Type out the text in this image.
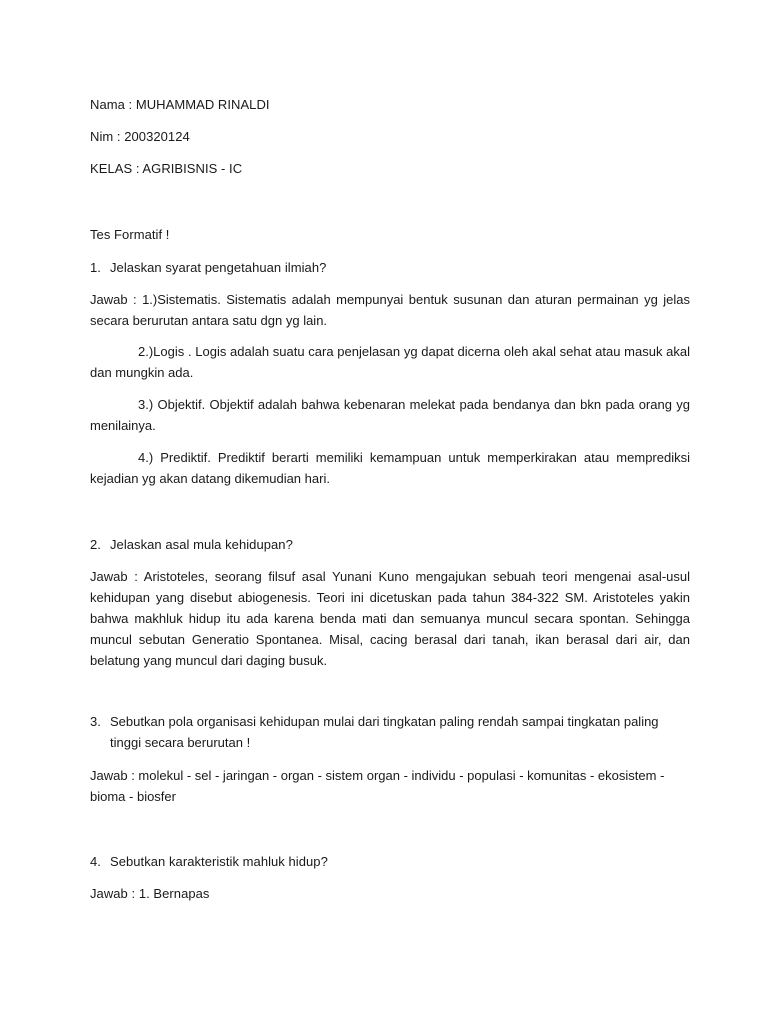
Nama : MUHAMMAD RINALDI
Nim : 200320124
KELAS : AGRIBISNIS - IC
Tes Formatif !
1. Jelaskan syarat pengetahuan ilmiah?
Jawab : 1.)Sistematis. Sistematis adalah mempunyai bentuk susunan dan aturan permainan yg jelas secara berurutan antara satu dgn yg lain.
2.)Logis . Logis adalah suatu cara penjelasan yg dapat dicerna oleh akal sehat atau masuk akal dan mungkin ada.
3.) Objektif. Objektif adalah bahwa kebenaran melekat pada bendanya dan bkn pada orang yg menilainya.
4.) Prediktif. Prediktif berarti memiliki kemampuan untuk memperkirakan atau memprediksi kejadian yg akan datang dikemudian hari.
2. Jelaskan asal mula kehidupan?
Jawab : Aristoteles, seorang filsuf asal Yunani Kuno mengajukan sebuah teori mengenai asal-usul kehidupan yang disebut abiogenesis. Teori ini dicetuskan pada tahun 384-322 SM. Aristoteles yakin bahwa makhluk hidup itu ada karena benda mati dan semuanya muncul secara spontan. Sehingga muncul sebutan Generatio Spontanea. Misal, cacing berasal dari tanah, ikan berasal dari air, dan belatung yang muncul dari daging busuk.
3. Sebutkan pola organisasi kehidupan mulai dari tingkatan paling rendah sampai tingkatan paling tinggi secara berurutan !
Jawab : molekul - sel - jaringan - organ - sistem organ - individu - populasi - komunitas - ekosistem - bioma - biosfer
4. Sebutkan karakteristik mahluk hidup?
Jawab : 1. Bernapas
